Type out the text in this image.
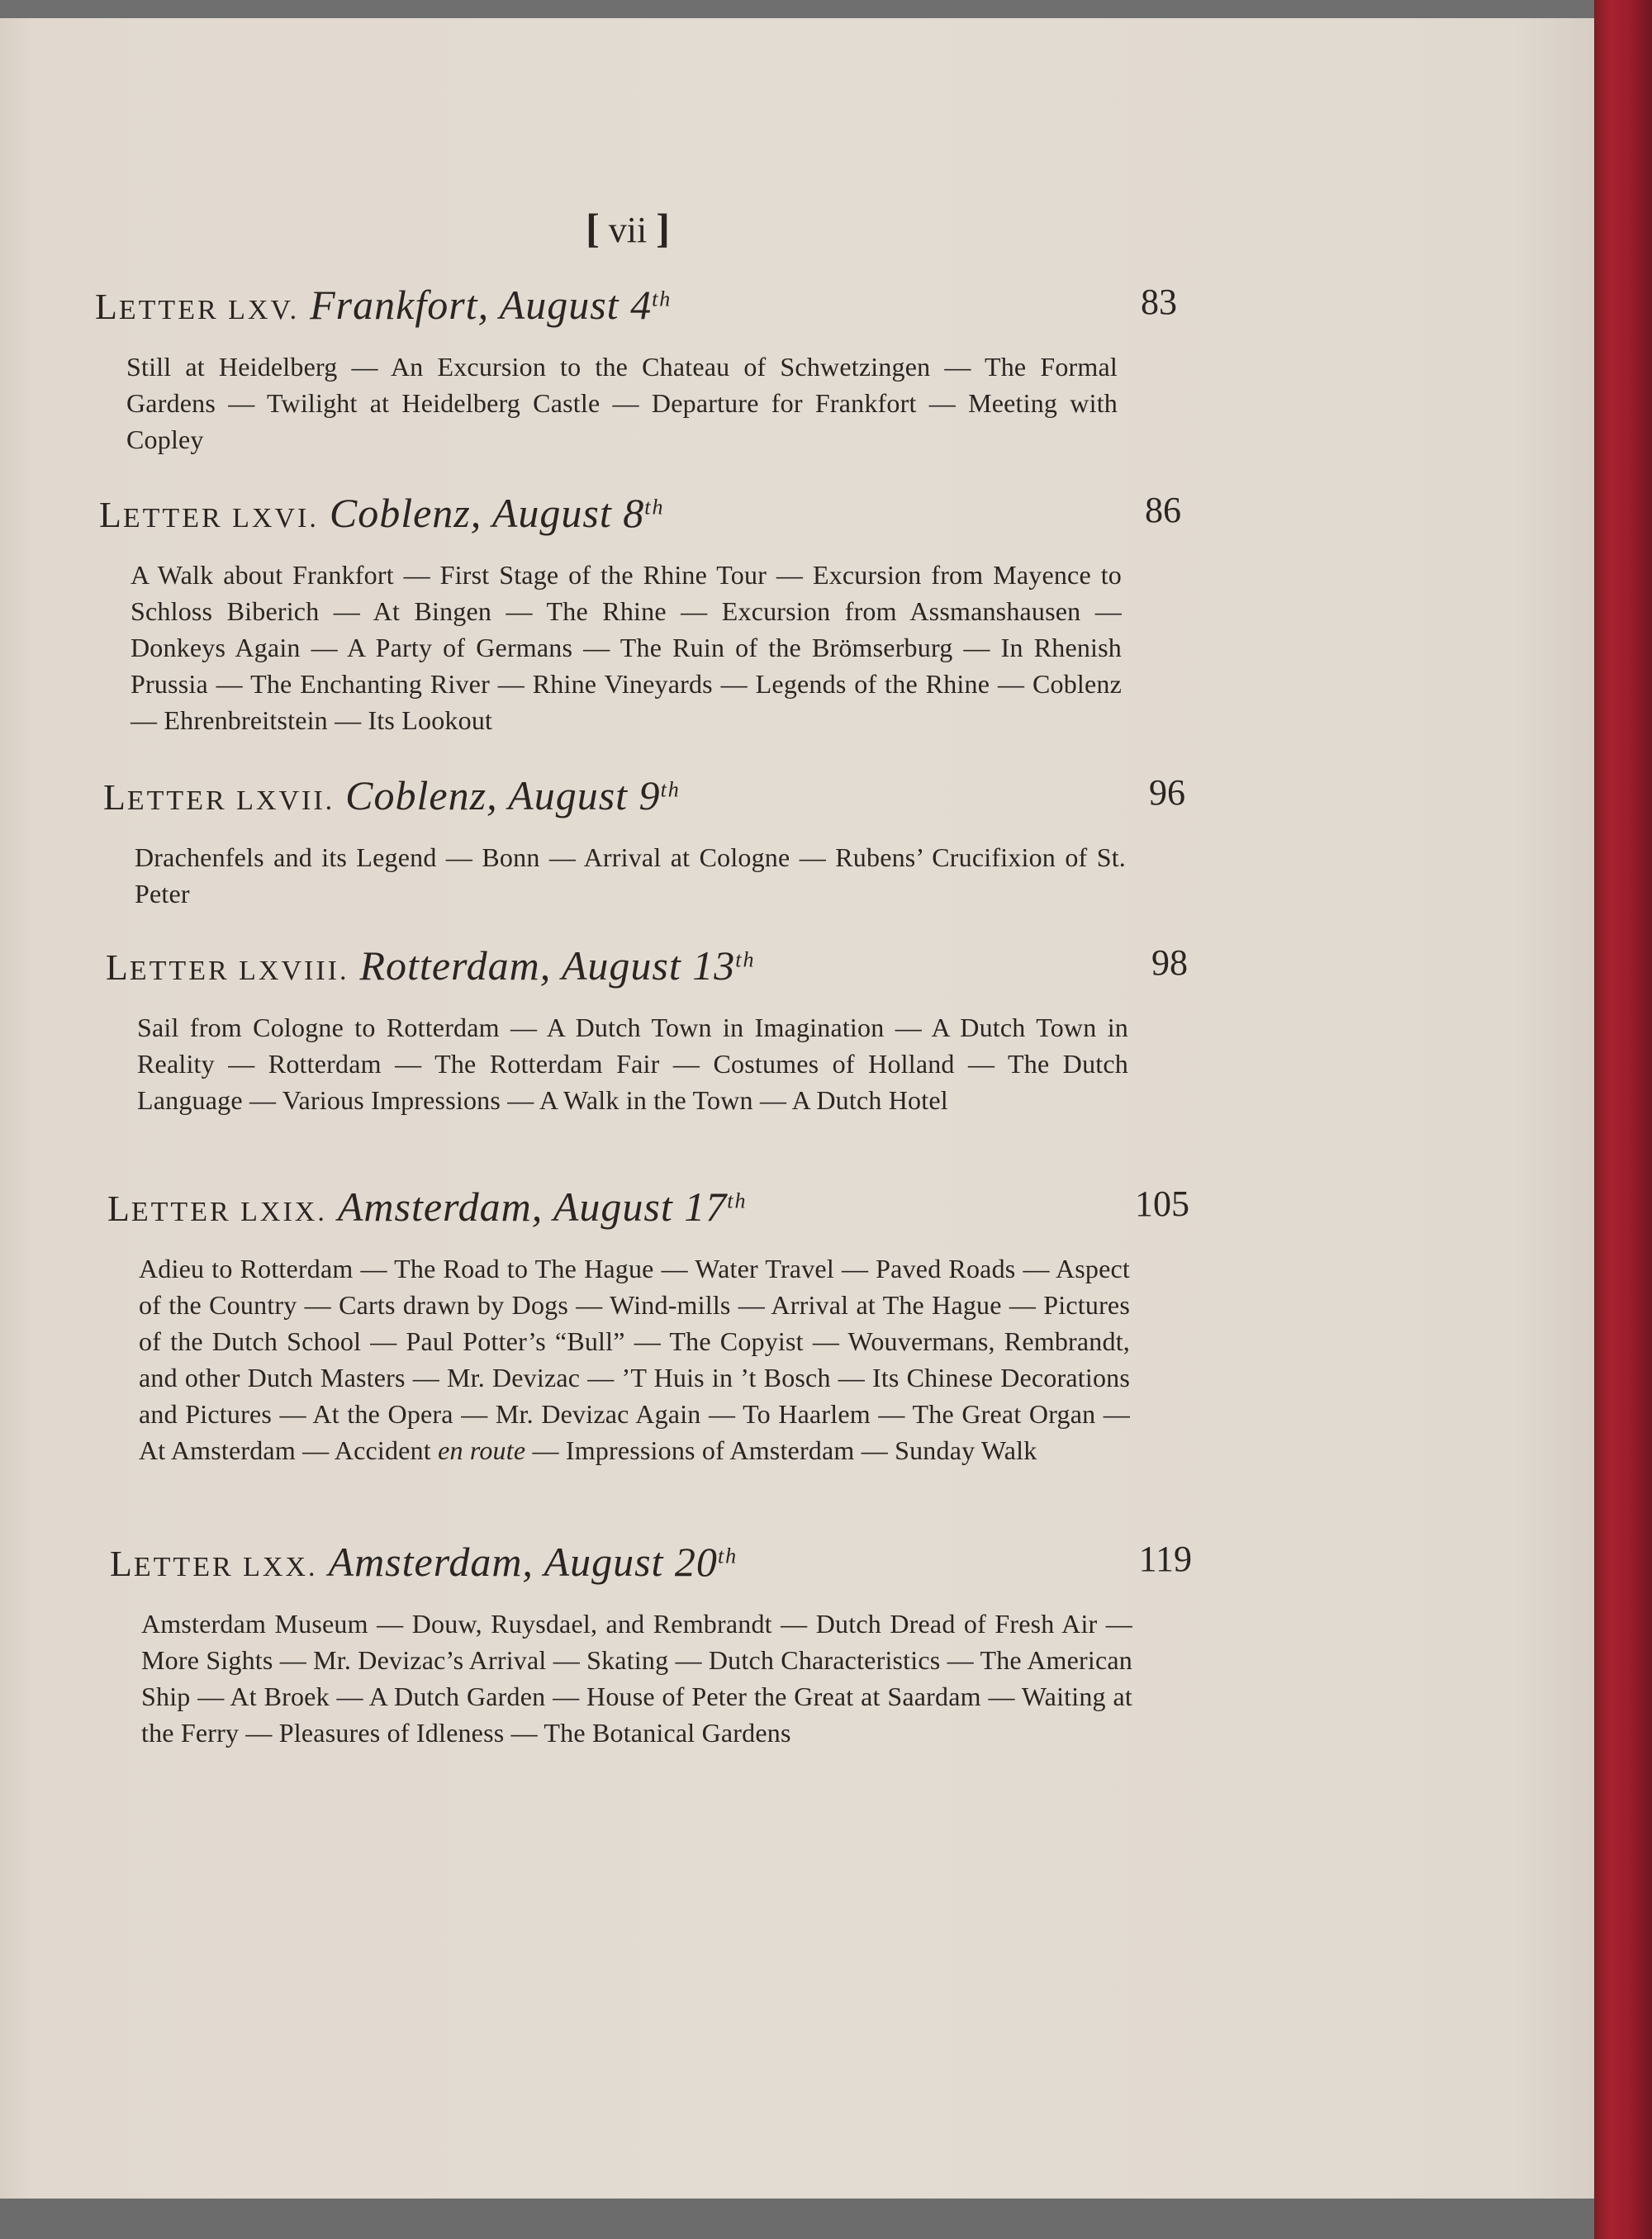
[ vii ]
LETTER LXV. Frankfort, August 4th	83
Still at Heidelberg — An Excursion to the Chateau of Schwetzingen — The Formal Gardens — Twilight at Heidelberg Castle — Departure for Frankfort — Meeting with Copley
LETTER LXVI. Coblenz, August 8th	86
A Walk about Frankfort — First Stage of the Rhine Tour — Excursion from Mayence to Schloss Biberich — At Bingen — The Rhine — Excursion from Assmanshausen — Donkeys Again — A Party of Germans — The Ruin of the Brömserburg — In Rhenish Prussia — The Enchanting River — Rhine Vineyards — Legends of the Rhine — Coblenz — Ehrenbreitstein — Its Lookout
LETTER LXVII. Coblenz, August 9th	96
Drachenfels and its Legend — Bonn — Arrival at Cologne — Rubens’ Crucifixion of St. Peter
LETTER LXVIII. Rotterdam, August 13th	98
Sail from Cologne to Rotterdam — A Dutch Town in Imagination — A Dutch Town in Reality — Rotterdam — The Rotterdam Fair — Costumes of Holland — The Dutch Language — Various Impressions — A Walk in the Town — A Dutch Hotel
LETTER LXIX. Amsterdam, August 17th	105
Adieu to Rotterdam — The Road to The Hague — Water Travel — Paved Roads — Aspect of the Country — Carts drawn by Dogs — Wind-mills — Arrival at The Hague — Pictures of the Dutch School — Paul Potter’s “Bull” — The Copyist — Wouvermans, Rembrandt, and other Dutch Masters — Mr. Devizac — ’T Huis in ’t Bosch — Its Chinese Decorations and Pictures — At the Opera — Mr. Devizac Again — To Haarlem — The Great Organ — At Amsterdam — Accident en route — Impressions of Amsterdam — Sunday Walk
LETTER LXX. Amsterdam, August 20th	119
Amsterdam Museum — Douw, Ruysdael, and Rembrandt — Dutch Dread of Fresh Air — More Sights — Mr. Devizac’s Arrival — Skating — Dutch Characteristics — The American Ship — At Broek — A Dutch Garden — House of Peter the Great at Saardam — Waiting at the Ferry — Pleasures of Idleness — The Botanical Gardens
